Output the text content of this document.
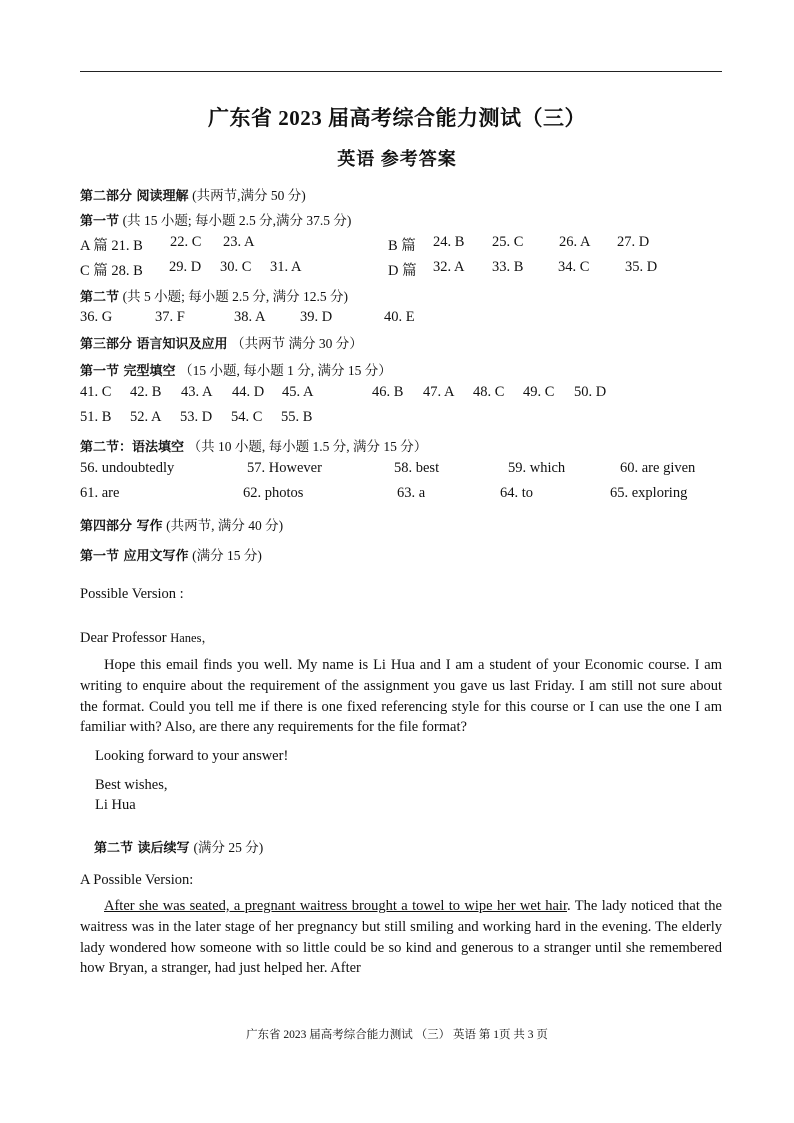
广东省 2023 届高考综合能力测试（三）
英语 参考答案
第二部分 阅读理解 (共两节,满分 50 分)
第一节 (共 15 小题; 每小题 2.5 分,满分 37.5 分)
A 篇 21. B 22. C 23. A	B 篇 24. B 25. C 26. A 27. D
C 篇 28. B 29. D 30. C 31. A	D 篇 32. A 33. B 34. C 35. D
第二节 (共 5 小题; 每小题 2.5 分, 满分 12.5 分)
36. G	37. F	38. A 39. D	40. E
第三部分 语言知识及应用 （共两节 满分 30 分）
第一节 完型填空 （15 小题, 每小题 1 分, 满分 15 分）
41. C 42. B 43. A 44. D 45. A	46. B 47. A 48. C 49. C 50. D
51. B 52. A 53. D 54. C 55. B
第二节：语法填空 （共 10 小题, 每小题 1.5 分, 满分 15 分）
56. undoubtedly	57. However	58. best	59. which	60. are given
61. are	62. photos	63. a	64. to	65. exploring
第四部分 写作 (共两节, 满分 40 分)
第一节 应用文写作 (满分 15 分)
Possible Version :
Dear Professor Hanes，
Hope this email finds you well. My name is Li Hua and I am a student of your Economic course. I am writing to enquire about the requirement of the assignment you gave us last Friday. I am still not sure about the format. Could you tell me if there is one fixed referencing style for this course or I can use the one I am familiar with? Also, are there any requirements for the file format?
Looking forward to your answer!
Best wishes,
Li Hua
第二节 读后续写 (满分 25 分)
A Possible Version:
After she was seated, a pregnant waitress brought a towel to wipe her wet hair. The lady noticed that the waitress was in the later stage of her pregnancy but still smiling and working hard in the evening. The elderly lady wondered how someone with so little could be so kind and generous to a stranger until she remembered how Bryan, a stranger, had just helped her. After
广东省 2023 届高考综合能力测试 （三） 英语 第 1页 共 3 页
